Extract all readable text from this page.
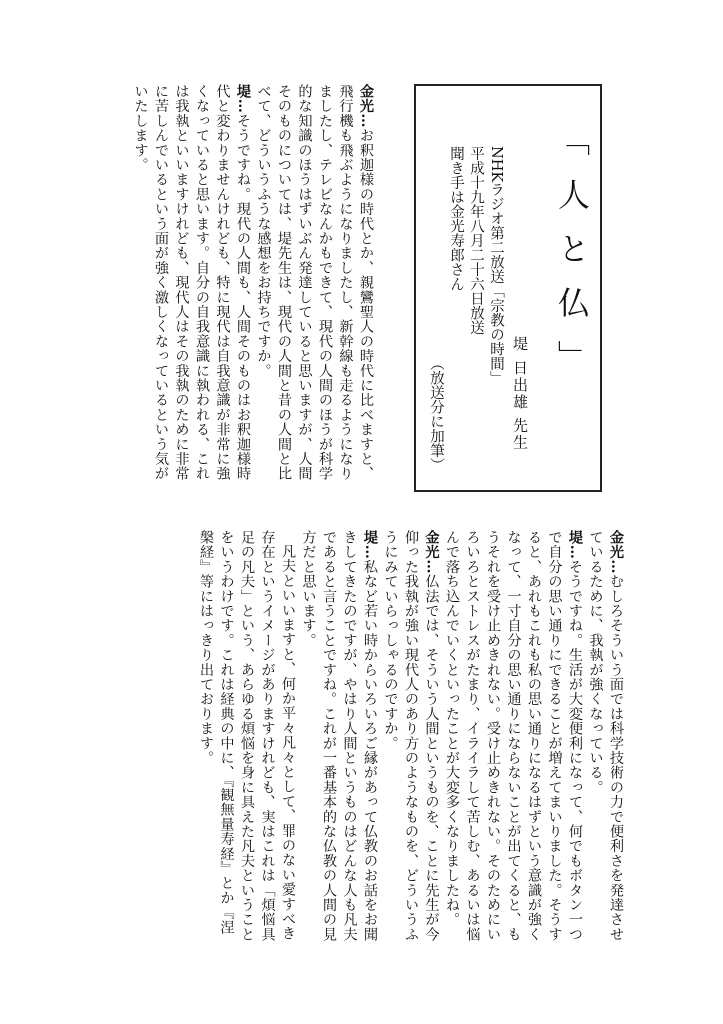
「人と仏」
堤 日出雄 先生

NHKラジオ第二放送「宗教の時間」

平成十九年八月二十六日放送

聞き手は金光寿郎さん

（放送分に加筆）

金光…お釈迦様の時代とか、親鸞聖人の時代に比べますと、飛行機も飛ぶようになりましたし、新幹線も走るようになりましたし、テレビなんかもできて、現代の人間のほうが科学的な知識のほうはずいぶん発達していると思いますが、人間そのものについては、堤先生は、現代の人間と昔の人間と比べて、どういうふうな感想をお持ちですか。

堤…そうですね。現代の人間も、人間そのものはお釈迦様時代と変わりませんけれども、特に現代は自我意識が非常に強くなっていると思います。自分の自我意識に執われる、これは我執といいますけれども、現代人はその我執のために非常に苦しんでいるという面が強く激しくなっているという気がいたします。

金光…むしろそういう面では科学技術の力で便利さを発達させているために、我執が強くなっている。

堤…そうですね。生活が大変便利になって、何でもボタン一つで自分の思い通りにできることが増えてまいりました。そうすると、あれもこれも私の思い通りになるはずという意識が強くなって、一寸自分の思い通りにならないことが出てくると、もうそれを受け止めきれない。受け止めきれない。そのためにいろいろとストレスがたまり、イライラして苦しむ、あるいは悩んで落ち込んでいくといったことが大変多くなりましたね。

金光…仏法では、そういう人間というものを、ことに先生が今仰った我執が強い現代人のあり方のようなものを、どういうふうにみていらっしゃるのですか。

堤…私など若い時からいろいろご縁があって仏教のお話をお聞きしてきたのですが、やはり人間というものはどんな人も凡夫であると言うことですね。これが一番基本的な仏教の人間の見方だと思います。

凡夫といいますと、何か平々凡々として、罪のない愛すべき存在というイメージがありますけれども、実はこれは「煩悩具足の凡夫」という、あらゆる煩悩を身に具えた凡夫ということをいうわけです。これは経典の中に、『観無量寿経』とか『涅槃経』等にはっきり出ております。
